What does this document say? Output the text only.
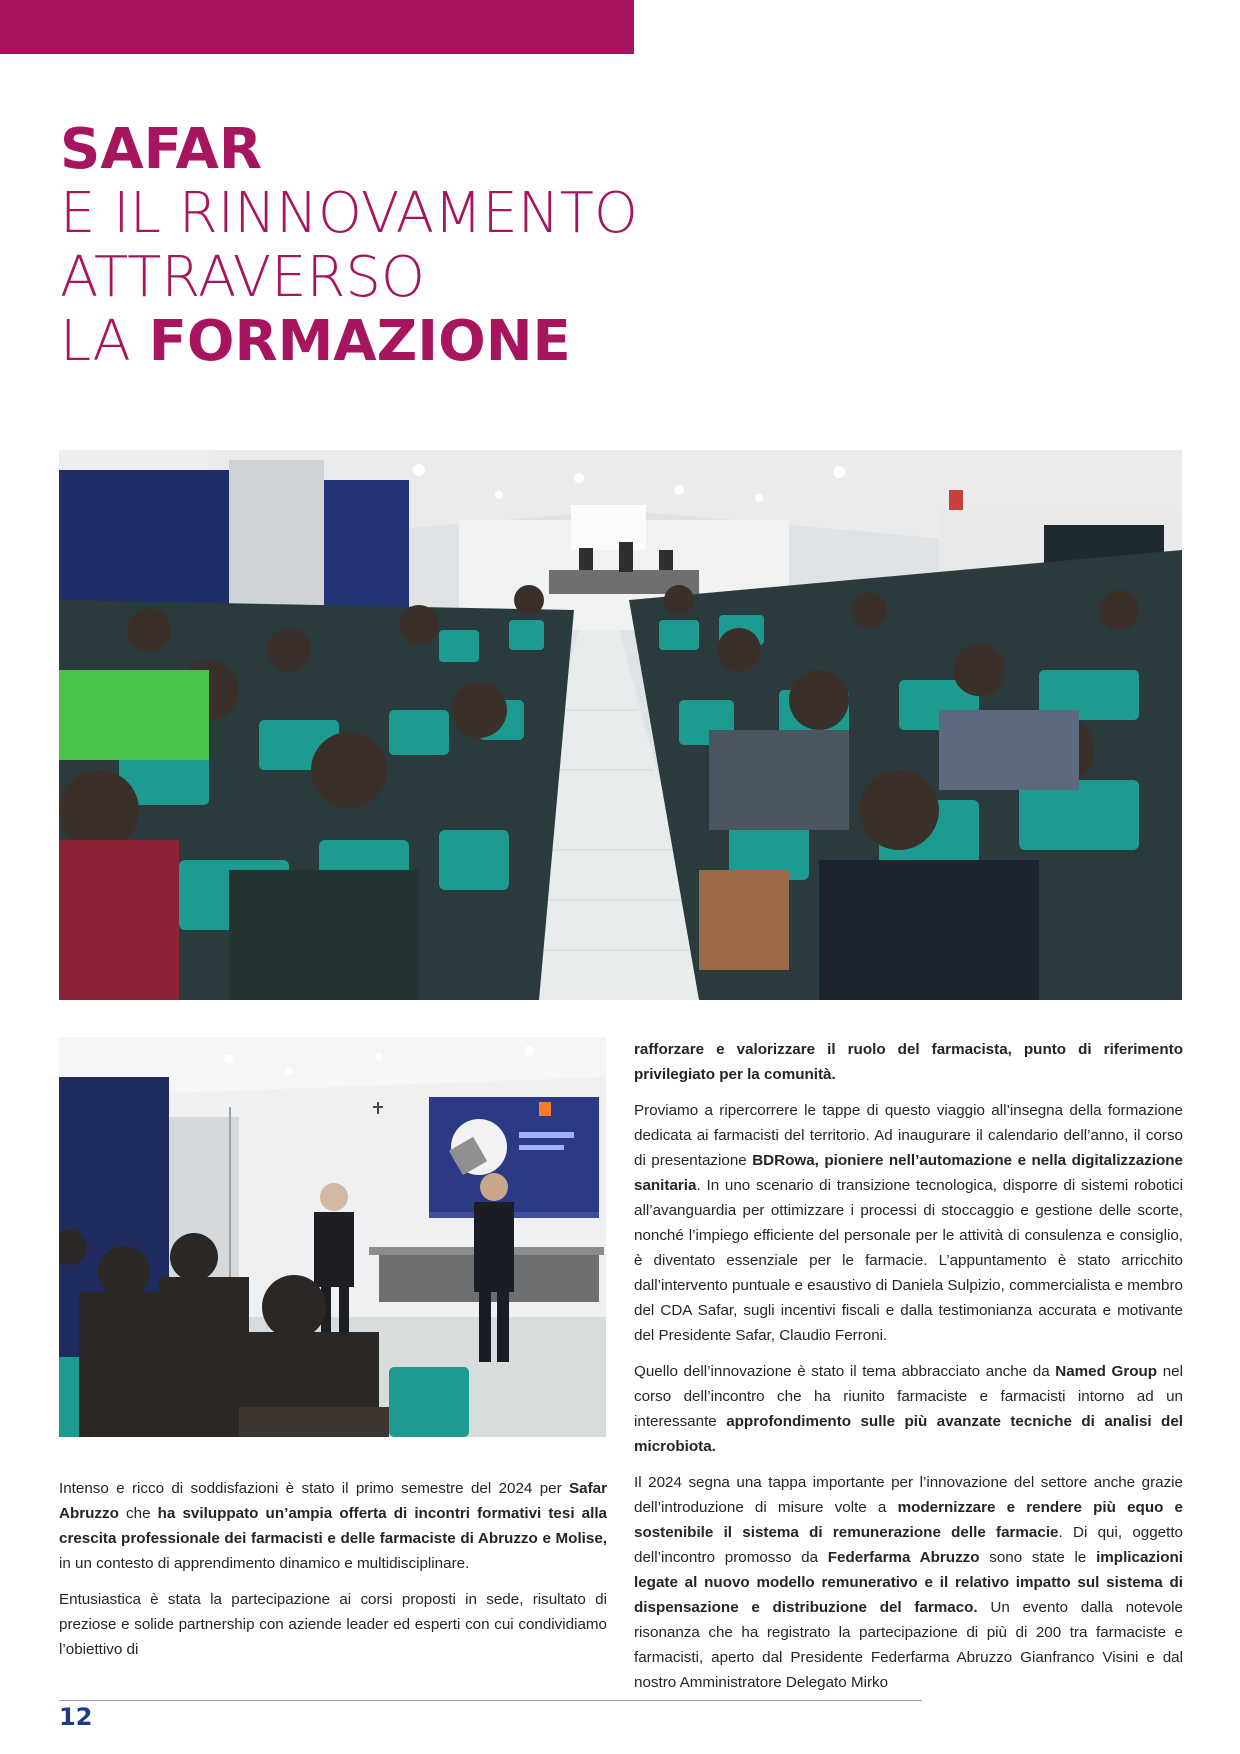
SAFAR
E IL RINNOVAMENTO
ATTRAVERSO
LA FORMAZIONE

Intenso e ricco di soddisfazioni è stato il primo semestre del 2024 per Safar Abruzzo che ha sviluppato un’ampia offerta di incontri formativi tesi alla crescita professionale dei farmacisti e delle farmaciste di Abruzzo e Molise, in un contesto di apprendimento dinamico e multidisciplinare.

Entusiastica è stata la partecipazione ai corsi proposti in sede, risultato di preziose e solide partnership con aziende leader ed esperti con cui condividiamo l’obiettivo di

rafforzare e valorizzare il ruolo del farmacista, punto di riferimento privilegiato per la comunità.

Proviamo a ripercorrere le tappe di questo viaggio all’insegna della formazione dedicata ai farmacisti del territorio. Ad inaugurare il calendario dell’anno, il corso di presentazione BDRowa, pioniere nell’automazione e nella digitalizzazione sanitaria. In uno scenario di transizione tecnologica, disporre di sistemi robotici all’avanguardia per ottimizzare i processi di stoccaggio e gestione delle scorte, nonché l’impiego efficiente del personale per le attività di consulenza e consiglio, è diventato essenziale per le farmacie. L’appuntamento è stato arricchito dall’intervento puntuale e esaustivo di Daniela Sulpizio, commercialista e membro del CDA Safar, sugli incentivi fiscali e dalla testimonianza accurata e motivante del Presidente Safar, Claudio Ferroni.

Quello dell’innovazione è stato il tema abbracciato anche da Named Group nel corso dell’incontro che ha riunito farmaciste e farmacisti intorno ad un interessante approfondimento sulle più avanzate tecniche di analisi del microbiota.

Il 2024 segna una tappa importante per l’innovazione del settore anche grazie dell’introduzione di misure volte a modernizzare e rendere più equo e sostenibile il sistema di remunerazione delle farmacie. Di qui, oggetto dell’incontro promosso da Federfarma Abruzzo sono state le implicazioni legate al nuovo modello remunerativo e il relativo impatto sul sistema di dispensazione e distribuzione del farmaco. Un evento dalla notevole risonanza che ha registrato la partecipazione di più di 200 tra farmaciste e farmacisti, aperto dal Presidente Federfarma Abruzzo Gianfranco Visini e dal nostro Amministratore Delegato Mirko

12
